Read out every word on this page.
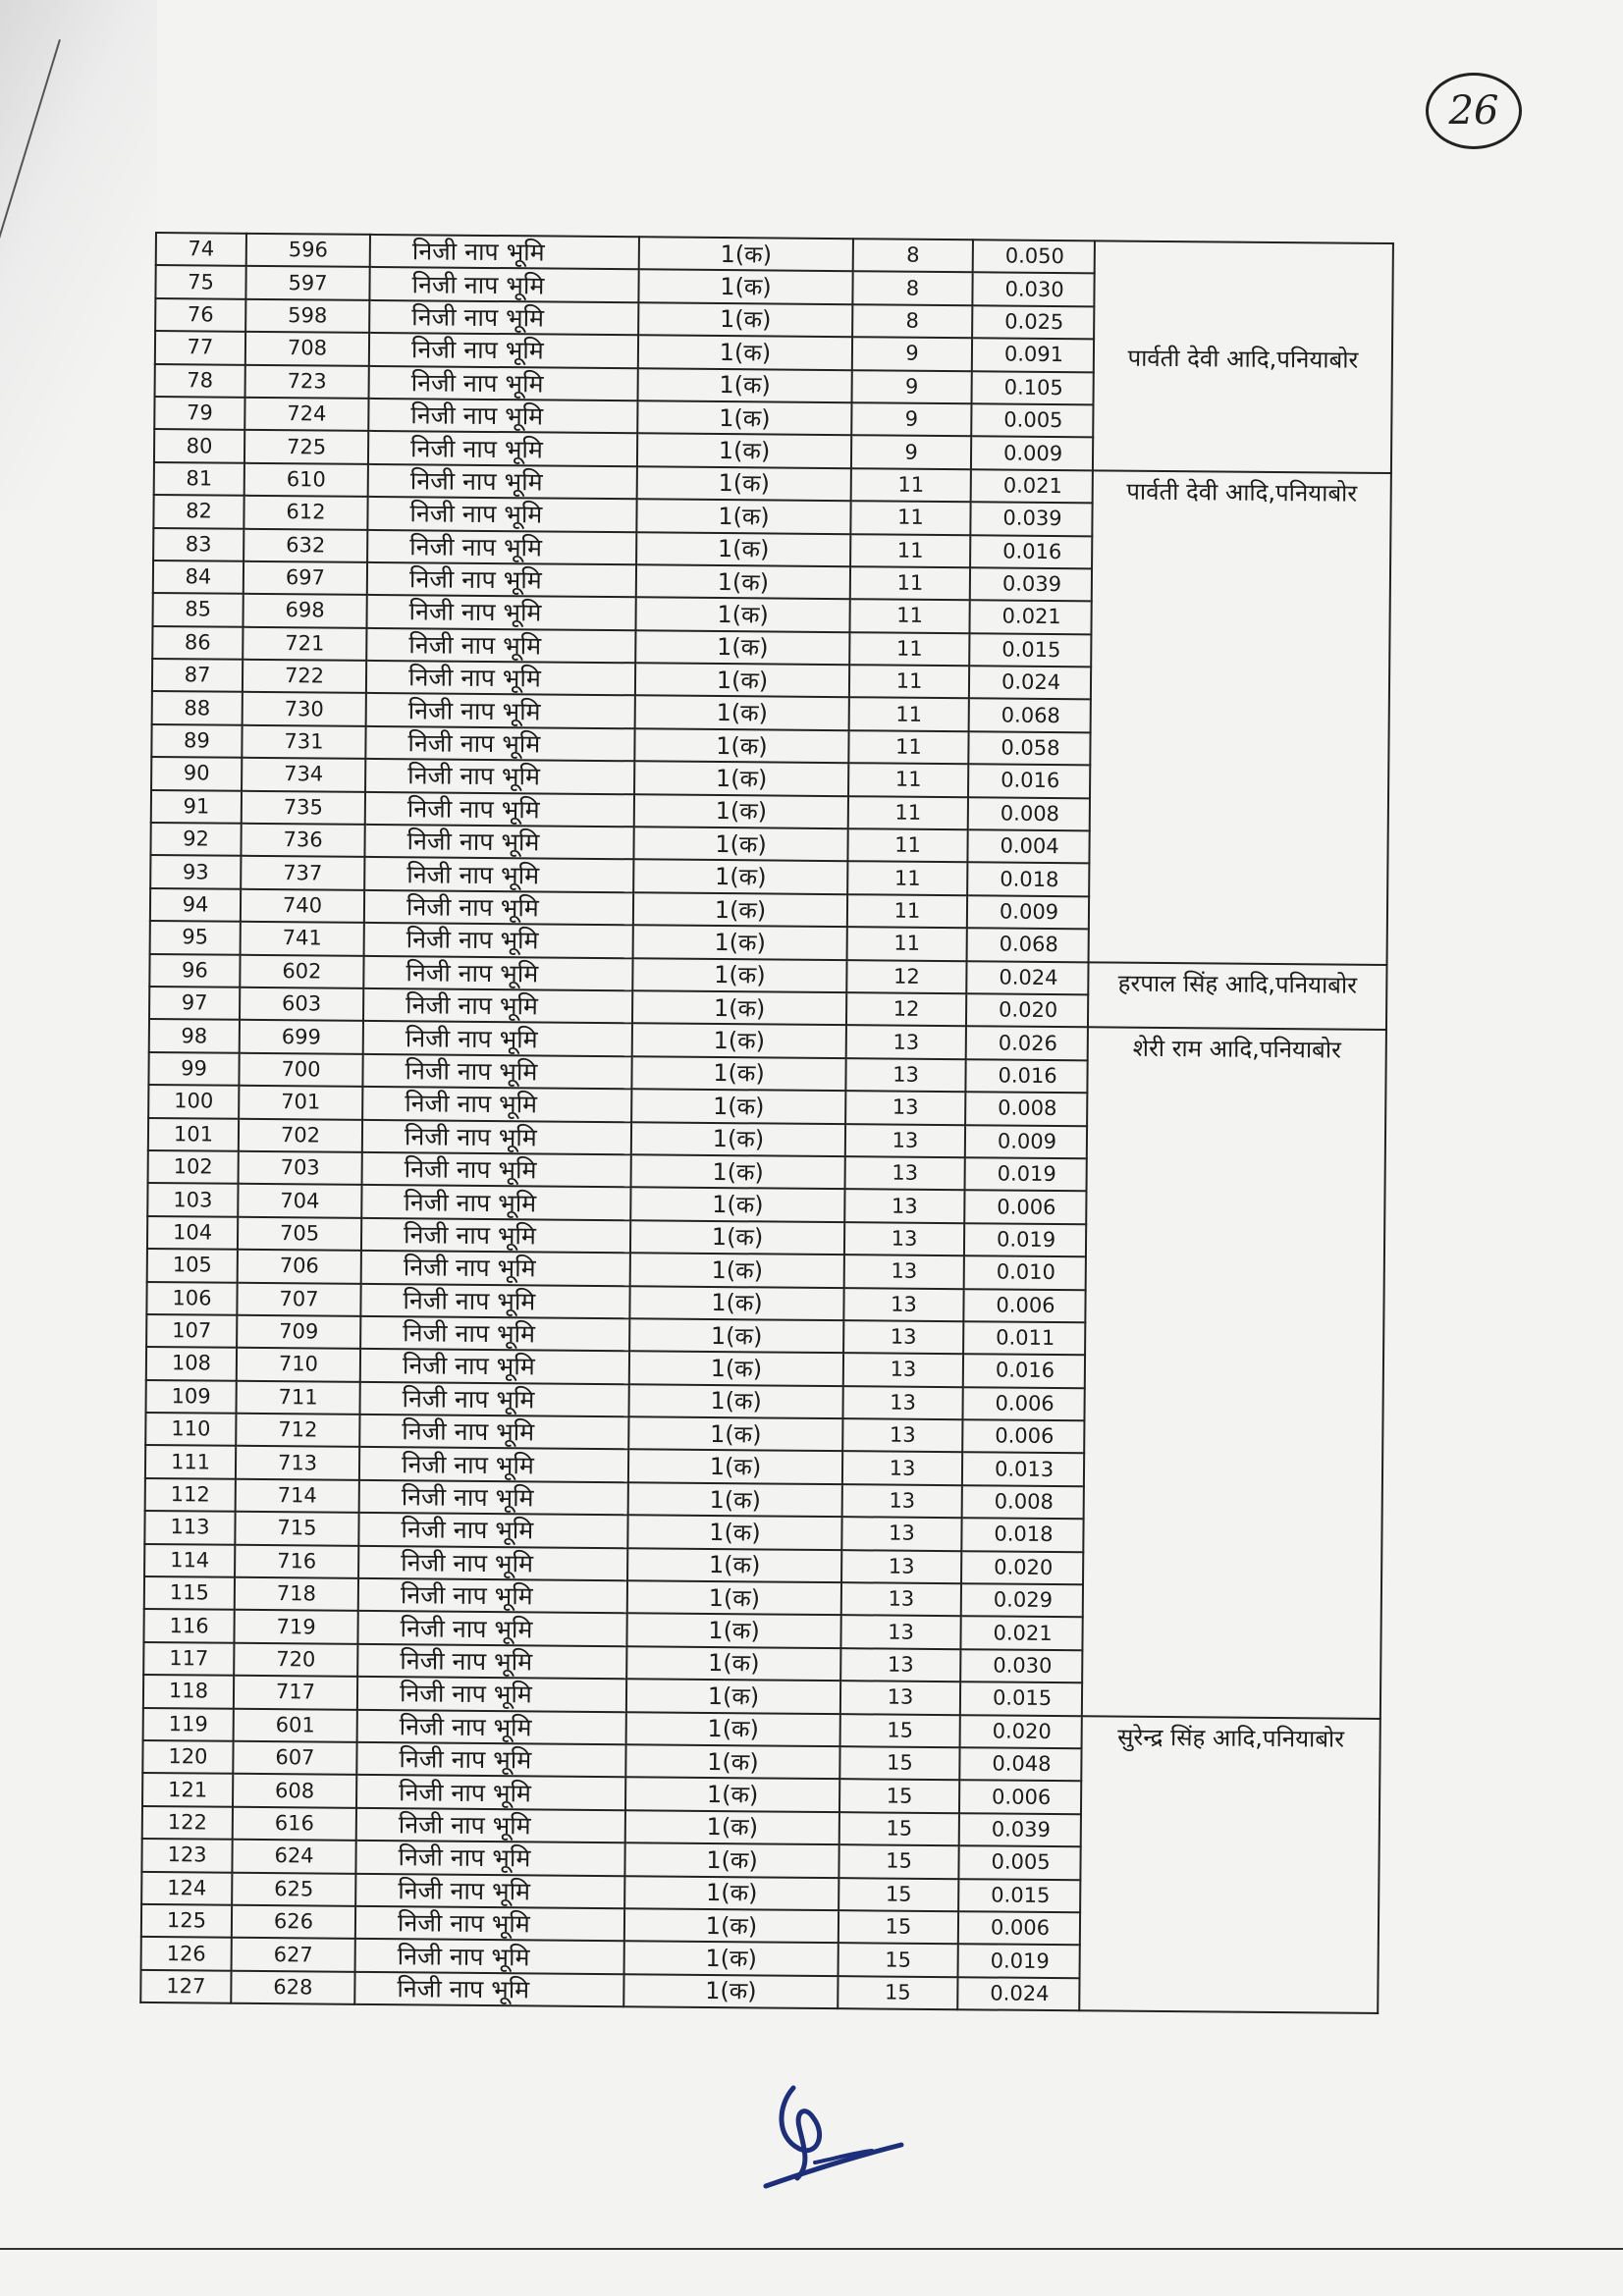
26
74	596	निजी नाप भूमि	1(क)	8	0.050	पार्वती देवी आदि,पनियाबोर
75	597	निजी नाप भूमि	1(क)	8	0.030	
76	598	निजी नाप भूमि	1(क)	8	0.025	
77	708	निजी नाप भूमि	1(क)	9	0.091	
78	723	निजी नाप भूमि	1(क)	9	0.105	
79	724	निजी नाप भूमि	1(क)	9	0.005	
80	725	निजी नाप भूमि	1(क)	9	0.009	
81	610	निजी नाप भूमि	1(क)	11	0.021	पार्वती देवी आदि,पनियाबोर
82	612	निजी नाप भूमि	1(क)	11	0.039	
83	632	निजी नाप भूमि	1(क)	11	0.016	
84	697	निजी नाप भूमि	1(क)	11	0.039	
85	698	निजी नाप भूमि	1(क)	11	0.021	
86	721	निजी नाप भूमि	1(क)	11	0.015	
87	722	निजी नाप भूमि	1(क)	11	0.024	
88	730	निजी नाप भूमि	1(क)	11	0.068	
89	731	निजी नाप भूमि	1(क)	11	0.058	
90	734	निजी नाप भूमि	1(क)	11	0.016	
91	735	निजी नाप भूमि	1(क)	11	0.008	
92	736	निजी नाप भूमि	1(क)	11	0.004	
93	737	निजी नाप भूमि	1(क)	11	0.018	
94	740	निजी नाप भूमि	1(क)	11	0.009	
95	741	निजी नाप भूमि	1(क)	11	0.068	
96	602	निजी नाप भूमि	1(क)	12	0.024	हरपाल सिंह आदि,पनियाबोर
97	603	निजी नाप भूमि	1(क)	12	0.020	
98	699	निजी नाप भूमि	1(क)	13	0.026	शेरी राम आदि,पनियाबोर
99	700	निजी नाप भूमि	1(क)	13	0.016	
100	701	निजी नाप भूमि	1(क)	13	0.008	
101	702	निजी नाप भूमि	1(क)	13	0.009	
102	703	निजी नाप भूमि	1(क)	13	0.019	
103	704	निजी नाप भूमि	1(क)	13	0.006	
104	705	निजी नाप भूमि	1(क)	13	0.019	
105	706	निजी नाप भूमि	1(क)	13	0.010	
106	707	निजी नाप भूमि	1(क)	13	0.006	
107	709	निजी नाप भूमि	1(क)	13	0.011	
108	710	निजी नाप भूमि	1(क)	13	0.016	
109	711	निजी नाप भूमि	1(क)	13	0.006	
110	712	निजी नाप भूमि	1(क)	13	0.006	
111	713	निजी नाप भूमि	1(क)	13	0.013	
112	714	निजी नाप भूमि	1(क)	13	0.008	
113	715	निजी नाप भूमि	1(क)	13	0.018	
114	716	निजी नाप भूमि	1(क)	13	0.020	
115	718	निजी नाप भूमि	1(क)	13	0.029	
116	719	निजी नाप भूमि	1(क)	13	0.021	
117	720	निजी नाप भूमि	1(क)	13	0.030	
118	717	निजी नाप भूमि	1(क)	13	0.015	
119	601	निजी नाप भूमि	1(क)	15	0.020	सुरेन्द्र सिंह आदि,पनियाबोर
120	607	निजी नाप भूमि	1(क)	15	0.048	
121	608	निजी नाप भूमि	1(क)	15	0.006	
122	616	निजी नाप भूमि	1(क)	15	0.039	
123	624	निजी नाप भूमि	1(क)	15	0.005	
124	625	निजी नाप भूमि	1(क)	15	0.015	
125	626	निजी नाप भूमि	1(क)	15	0.006	
126	627	निजी नाप भूमि	1(क)	15	0.019	
127	628	निजी नाप भूमि	1(क)	15	0.024	
